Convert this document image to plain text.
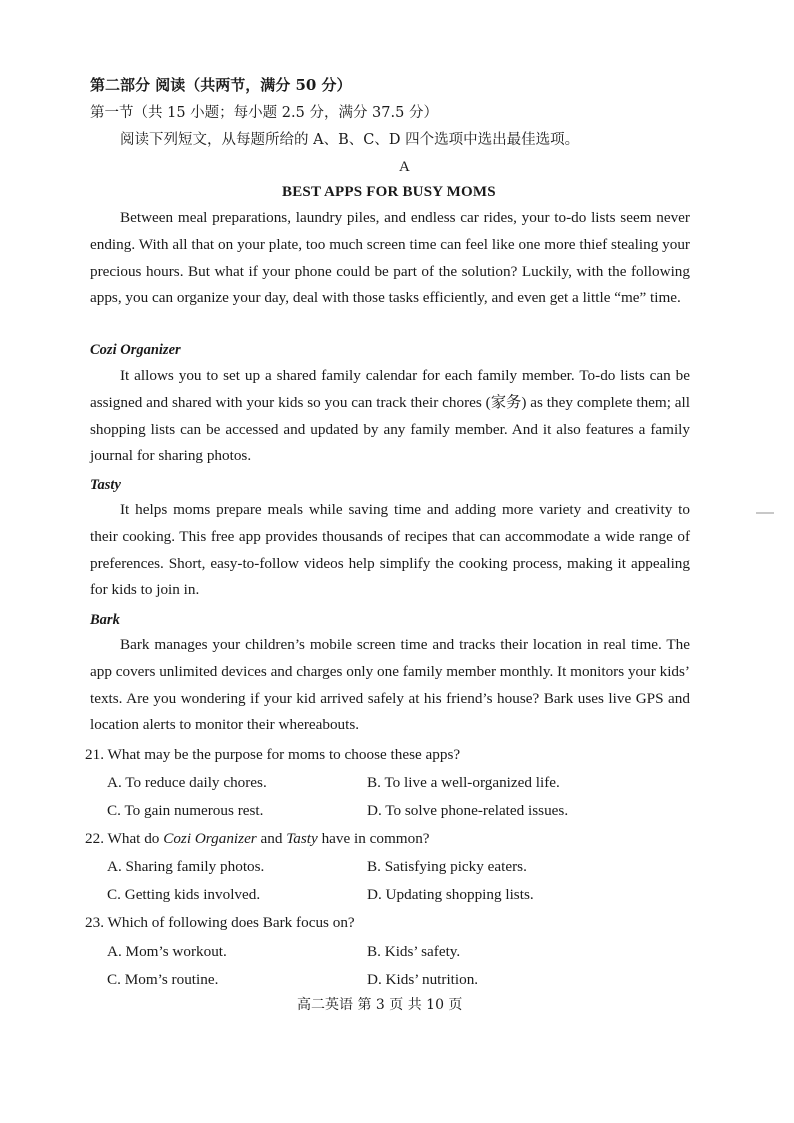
第二部分 阅读（共两节，满分 50 分）
第一节（共 15 小题；每小题 2.5 分，满分 37.5 分）
阅读下列短文，从每题所给的 A、B、C、D 四个选项中选出最佳选项。
A
BEST APPS FOR BUSY MOMS

Between meal preparations, laundry piles, and endless car rides, your to-do lists seem never ending. With all that on your plate, too much screen time can feel like one more thief stealing your precious hours. But what if your phone could be part of the solution? Luckily, with the following apps, you can organize your day, deal with those tasks efficiently, and even get a little “me” time.

Cozi Organizer

It allows you to set up a shared family calendar for each family member. To-do lists can be assigned and shared with your kids so you can track their chores (家务) as they complete them; all shopping lists can be accessed and updated by any family member. And it also features a family journal for sharing photos.

Tasty

It helps moms prepare meals while saving time and adding more variety and creativity to their cooking. This free app provides thousands of recipes that can accommodate a wide range of preferences. Short, easy-to-follow videos help simplify the cooking process, making it appealing for kids to join in.

Bark

Bark manages your children’s mobile screen time and tracks their location in real time. The app covers unlimited devices and charges only one family member monthly. It monitors your kids’ texts. Are you wondering if your kid arrived safely at his friend’s house? Bark uses live GPS and location alerts to monitor their whereabouts.

21. What may be the purpose for moms to choose these apps?
A. To reduce daily chores.	B. To live a well-organized life.
C. To gain numerous rest.	D. To solve phone-related issues.
22. What do Cozi Organizer and Tasty have in common?
A. Sharing family photos.	B. Satisfying picky eaters.
C. Getting kids involved.	D. Updating shopping lists.
23. Which of following does Bark focus on?
A. Mom’s workout.	B. Kids’ safety.
C. Mom’s routine.	D. Kids’ nutrition.
高二英语 第 3 页 共 10 页
